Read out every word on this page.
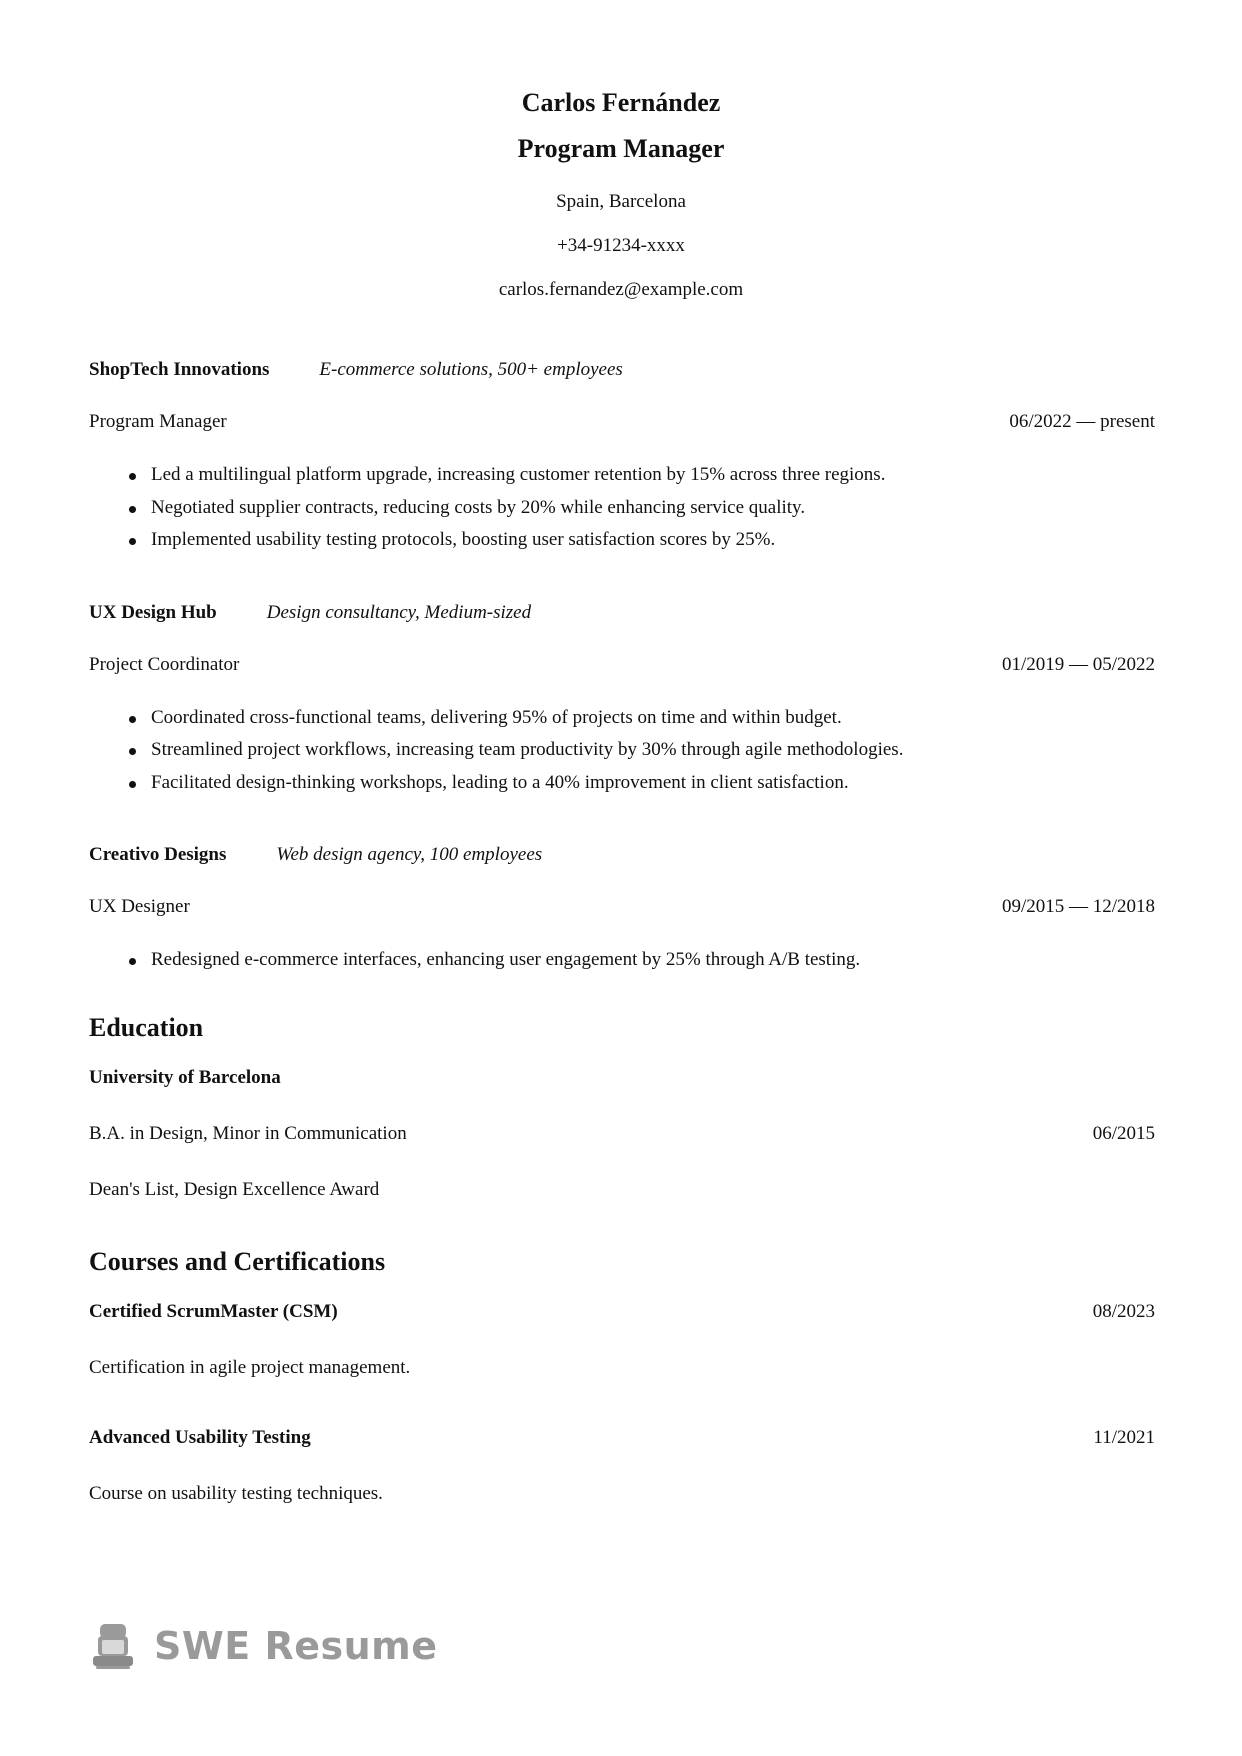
Carlos Fernández

Program Manager

Spain, Barcelona

+34-91234-xxxx

carlos.fernandez@example.com

ShopTech Innovations	E-commerce solutions, 500+ employees
Program Manager	06/2022 — present
Led a multilingual platform upgrade, increasing customer retention by 15% across three regions.
Negotiated supplier contracts, reducing costs by 20% while enhancing service quality.
Implemented usability testing protocols, boosting user satisfaction scores by 25%.
UX Design Hub	Design consultancy, Medium-sized
Project Coordinator	01/2019 — 05/2022
Coordinated cross-functional teams, delivering 95% of projects on time and within budget.
Streamlined project workflows, increasing team productivity by 30% through agile methodologies.
Facilitated design-thinking workshops, leading to a 40% improvement in client satisfaction.
Creativo Designs	Web design agency, 100 employees
UX Designer	09/2015 — 12/2018
Redesigned e-commerce interfaces, enhancing user engagement by 25% through A/B testing.
Education
University of Barcelona
B.A. in Design, Minor in Communication	06/2015
Dean's List, Design Excellence Award
Courses and Certifications
Certified ScrumMaster (CSM)	08/2023
Certification in agile project management.
Advanced Usability Testing	11/2021
Course on usability testing techniques.
SWE Resume
